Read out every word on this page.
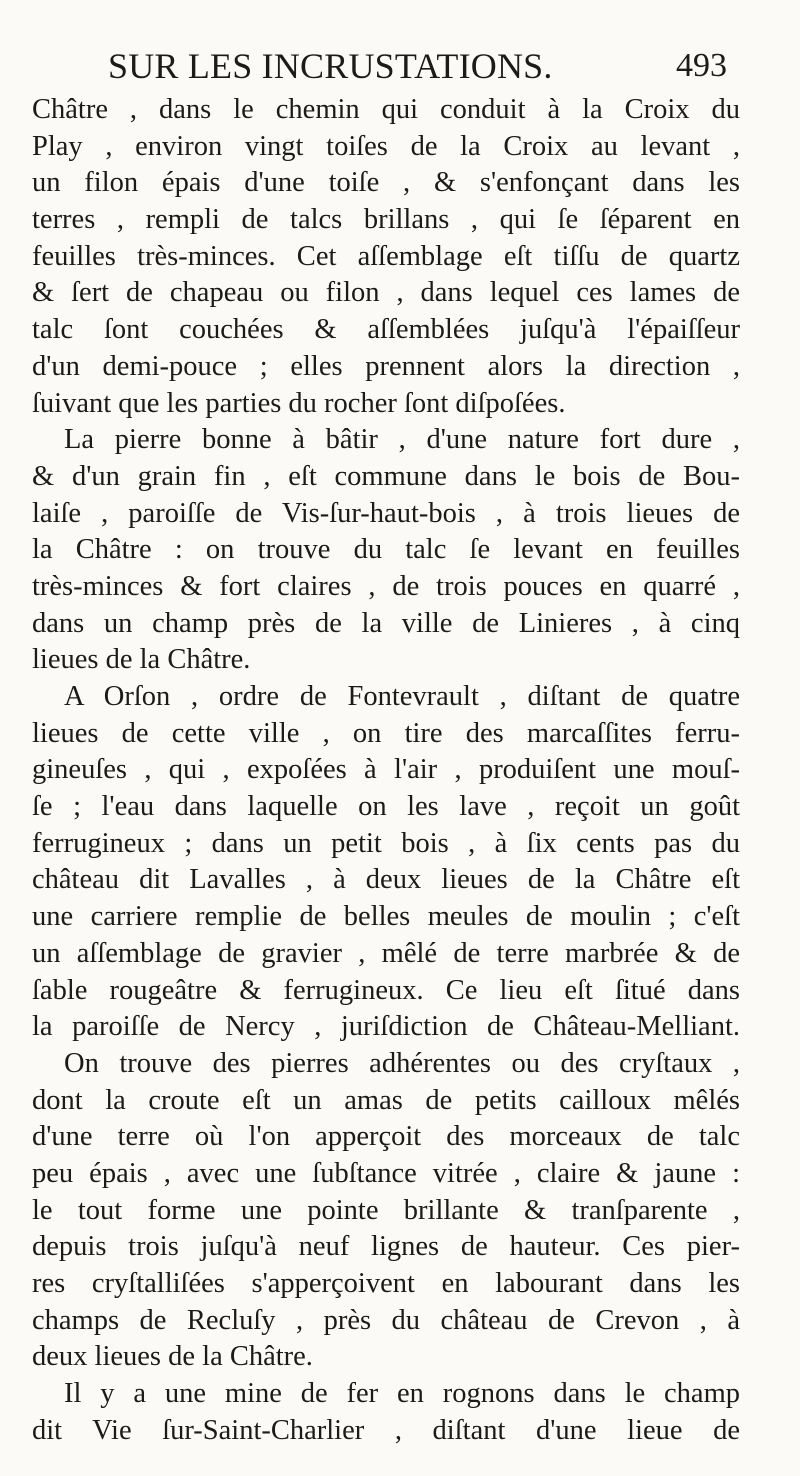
SUR LES INCRUSTATIONS.	493
Châtre , dans le chemin qui conduit à la Croix du
Play , environ vingt toiſes de la Croix au levant ,
un filon épais d'une toiſe , & s'enfonçant dans les
terres , rempli de talcs brillans , qui ſe ſéparent en
feuilles très-minces. Cet aſſemblage eſt tiſſu de quartz
& ſert de chapeau ou filon , dans lequel ces lames de
talc ſont couchées & aſſemblées juſqu'à l'épaiſſeur
d'un demi-pouce ; elles prennent alors la direction ,
ſuivant que les parties du rocher ſont diſpoſées.
La pierre bonne à bâtir , d'une nature fort dure ,
& d'un grain fin , eſt commune dans le bois de Bou-
laiſe , paroiſſe de Vis-ſur-haut-bois , à trois lieues de
la Châtre : on trouve du talc ſe levant en feuilles
très-minces & fort claires , de trois pouces en quarré ,
dans un champ près de la ville de Linieres , à cinq
lieues de la Châtre.
A Orſon , ordre de Fontevrault , diſtant de quatre
lieues de cette ville , on tire des marcaſſites ferru-
gineuſes , qui , expoſées à l'air , produiſent une mouſ-
ſe ; l'eau dans laquelle on les lave , reçoit un goût
ferrugineux ; dans un petit bois , à ſix cents pas du
château dit Lavalles , à deux lieues de la Châtre eſt
une carriere remplie de belles meules de moulin ; c'eſt
un aſſemblage de gravier , mêlé de terre marbrée & de
ſable rougeâtre & ferrugineux. Ce lieu eſt ſitué dans
la paroiſſe de Nercy , juriſdiction de Château-Melliant.
On trouve des pierres adhérentes ou des cryſtaux ,
dont la croute eſt un amas de petits cailloux mêlés
d'une terre où l'on apperçoit des morceaux de talc
peu épais , avec une ſubſtance vitrée , claire & jaune :
le tout forme une pointe brillante & tranſparente ,
depuis trois juſqu'à neuf lignes de hauteur. Ces pier-
res cryſtalliſées s'apperçoivent en labourant dans les
champs de Recluſy , près du château de Crevon , à
deux lieues de la Châtre.
Il y a une mine de fer en rognons dans le champ
dit Vie ſur-Saint-Charlier , diſtant d'une lieue de
